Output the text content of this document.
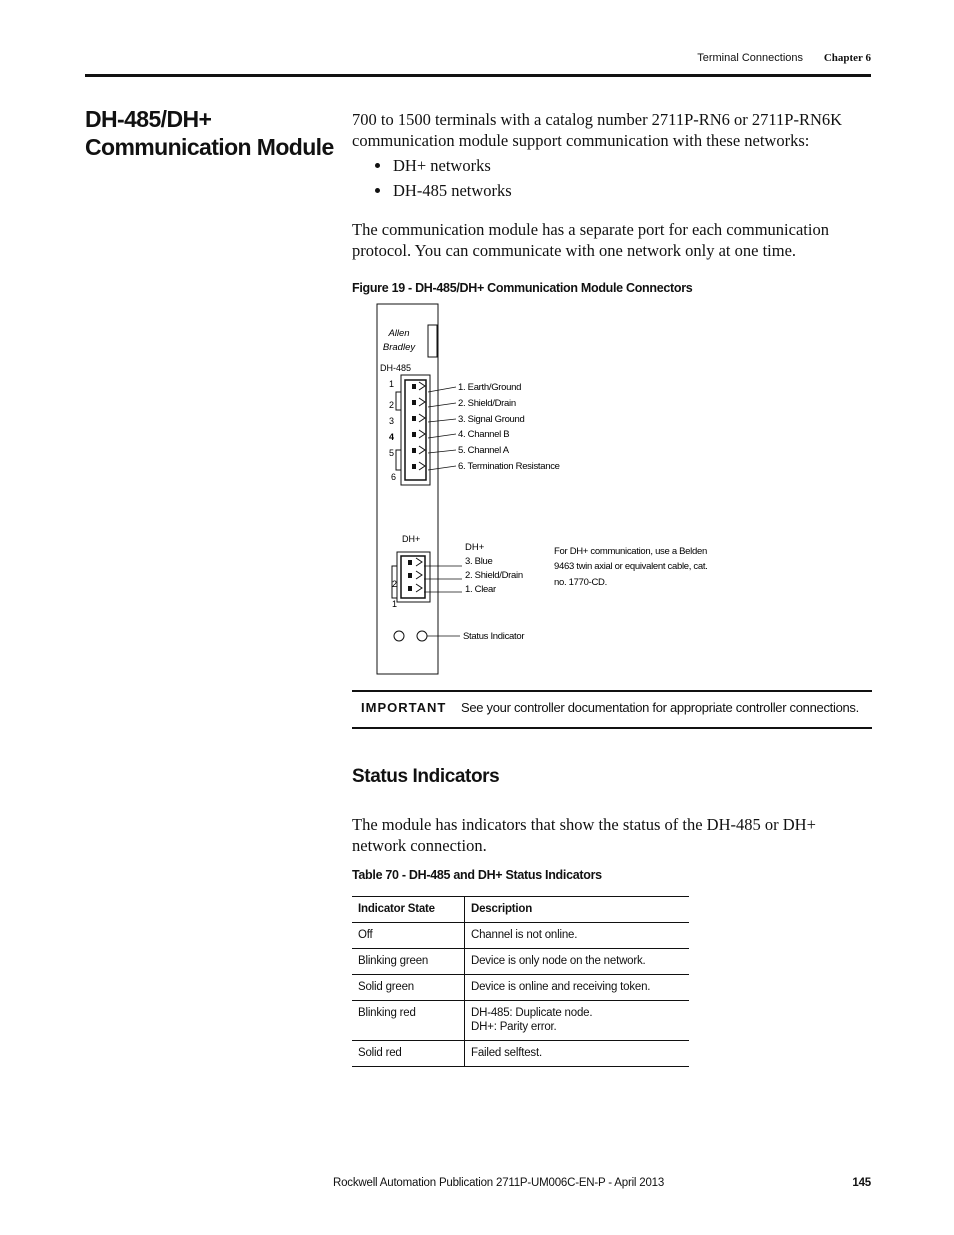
Terminal Connections Chapter 6
DH-485/DH+ Communication Module
700 to 1500 terminals with a catalog number 2711P-RN6 or 2711P-RN6K communication module support communication with these networks:
DH+ networks
DH-485 networks
The communication module has a separate port for each communication protocol. You can communicate with one network only at one time.
Figure 19 - DH-485/DH+ Communication Module Connectors
Allen
Bradley
DH-485
1
2
3
4
5
6
1. Earth/Ground
2. Shield/Drain
3. Signal Ground
4. Channel B
5. Channel A
6. Termination Resistance
DH+
2
1
DH+
3. Blue
2. Shield/Drain
1. Clear
For DH+ communication, use a Belden
9463 twin axial or equivalent cable, cat.
no. 1770-CD.
Status Indicator
IMPORTANT See your controller documentation for appropriate controller connections.
Status Indicators
The module has indicators that show the status of the DH-485 or DH+ network connection.
Table 70 - DH-485 and DH+ Status Indicators
Indicator State	Description
Off	Channel is not online.
Blinking green	Device is only node on the network.
Solid green	Device is online and receiving token.
Blinking red	DH-485: Duplicate node.
DH+: Parity error.

Solid red	Failed selftest.
Rockwell Automation Publication 2711P-UM006C-EN-P - April 2013	145
